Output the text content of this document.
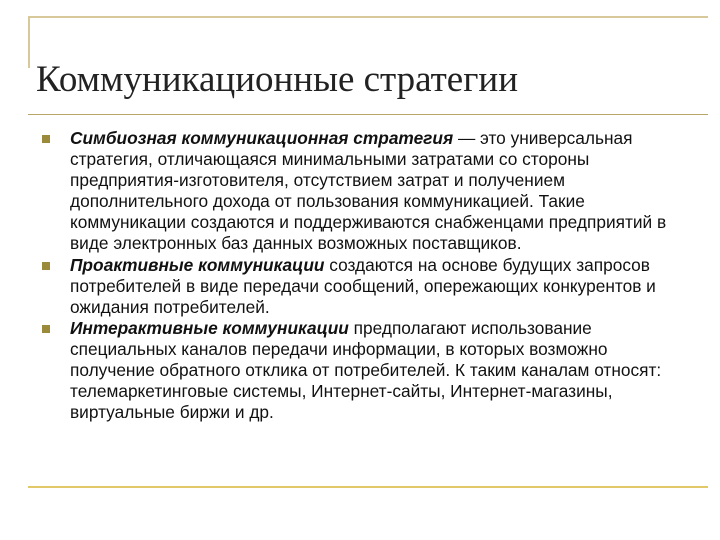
Коммуникационные стратегии
Симбиозная коммуникационная стратегия — это универсальная стратегия, отличающаяся минимальными затратами со стороны предприятия-изготовителя, отсутствием затрат и получением дополнительного дохода от пользования коммуникацией. Такие коммуникации создаются и поддерживаются снабженцами предприятий в виде электронных баз данных возможных поставщиков.
Проактивные коммуникации создаются на основе будущих запросов потребителей в виде передачи сообщений, опережающих конкурентов и ожидания потребителей.
Интерактивные коммуникации предполагают использование специальных каналов передачи информации, в которых возможно получение обратного отклика от потребителей. К таким каналам относят: телемаркетинговые системы, Интернет-сайты, Интернет-магазины, виртуальные биржи и др.
